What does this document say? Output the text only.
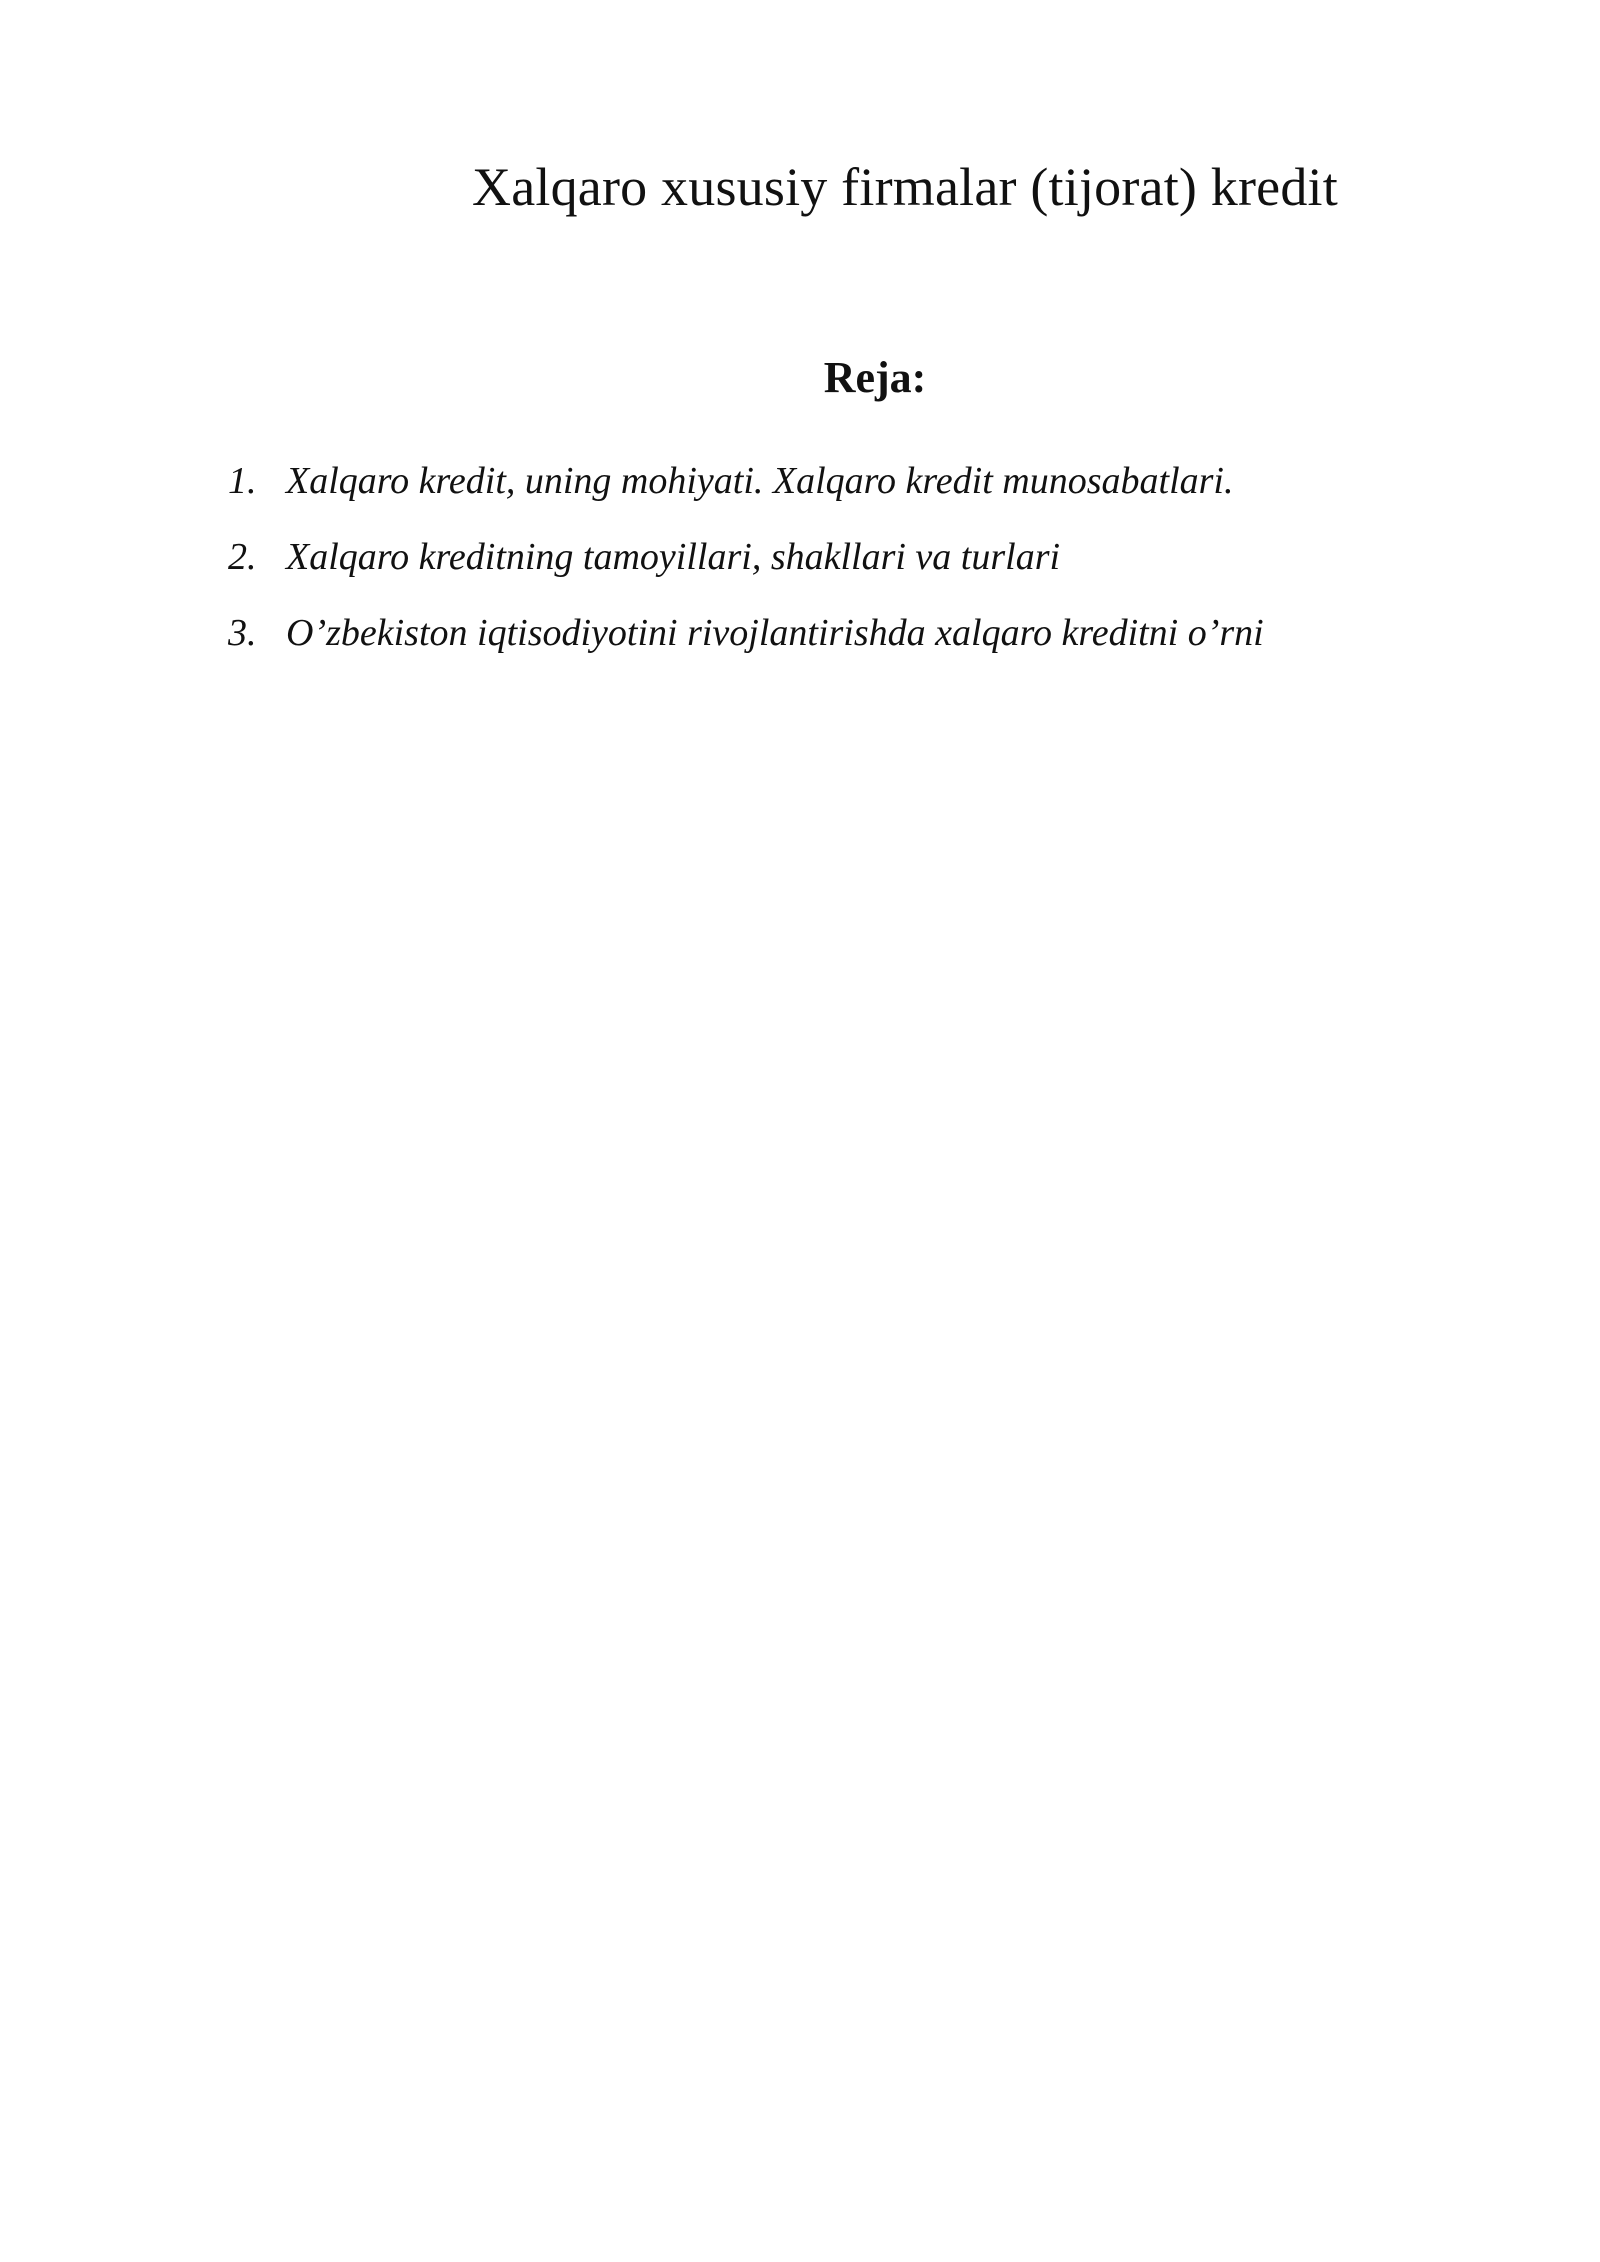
Xalqaro xususiy firmalar (tijorat) kredit
Reja:
1. Xalqaro kredit, uning mohiyati. Xalqaro kredit munosabatlari.
2. Xalqaro kreditning tamoyillari, shakllari va turlari
3. O’zbekiston iqtisodiyotini rivojlantirishda xalqaro kreditni o’rni
